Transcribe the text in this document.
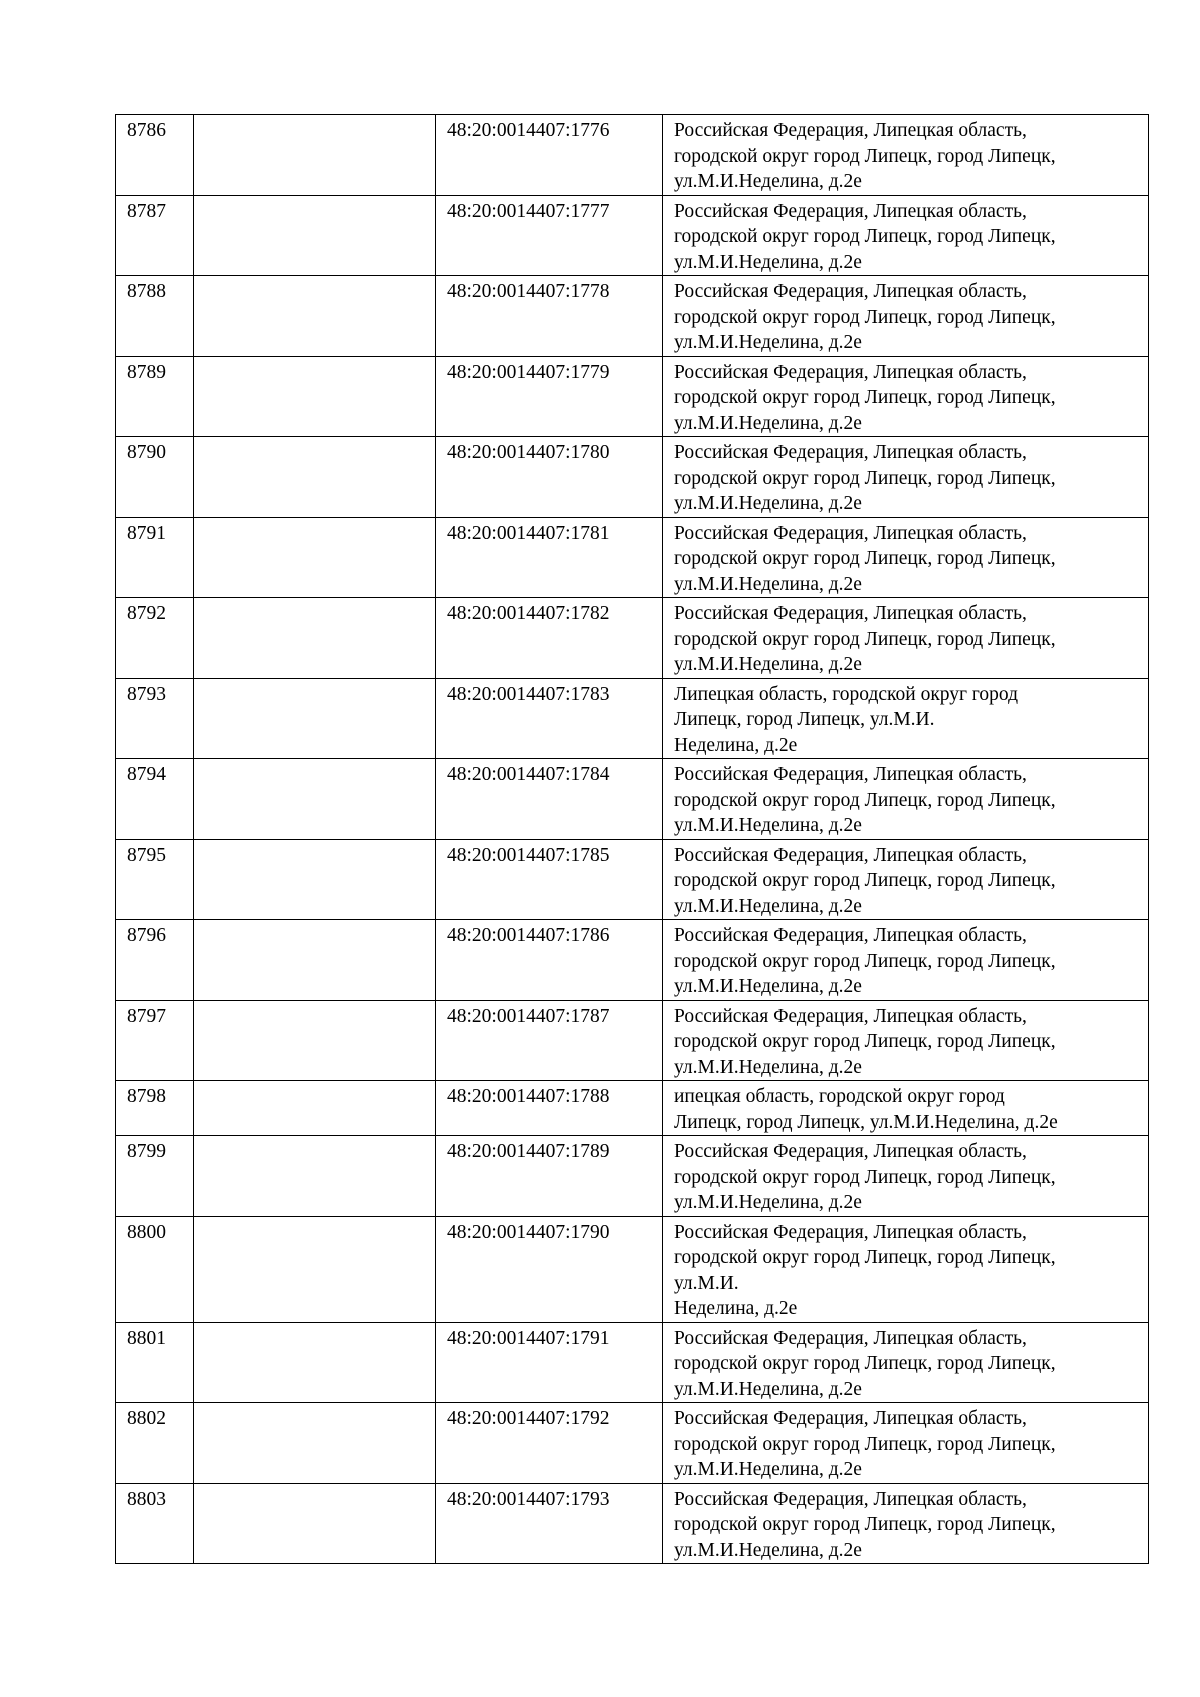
8786		48:20:0014407:1776	Российская Федерация, Липецкая область,
городской округ город Липецк, город Липецк,
ул.М.И.Неделина, д.2е

8787		48:20:0014407:1777	Российская Федерация, Липецкая область,
городской округ город Липецк, город Липецк,
ул.М.И.Неделина, д.2е

8788		48:20:0014407:1778	Российская Федерация, Липецкая область,
городской округ город Липецк, город Липецк,
ул.М.И.Неделина, д.2е

8789		48:20:0014407:1779	Российская Федерация, Липецкая область,
городской округ город Липецк, город Липецк,
ул.М.И.Неделина, д.2е

8790		48:20:0014407:1780	Российская Федерация, Липецкая область,
городской округ город Липецк, город Липецк,
ул.М.И.Неделина, д.2е

8791		48:20:0014407:1781	Российская Федерация, Липецкая область,
городской округ город Липецк, город Липецк,
ул.М.И.Неделина, д.2е

8792		48:20:0014407:1782	Российская Федерация, Липецкая область,
городской округ город Липецк, город Липецк,
ул.М.И.Неделина, д.2е

8793		48:20:0014407:1783	Липецкая область, городской округ город
Липецк, город Липецк, ул.М.И.
Неделина, д.2е

8794		48:20:0014407:1784	Российская Федерация, Липецкая область,
городской округ город Липецк, город Липецк,
ул.М.И.Неделина, д.2е

8795		48:20:0014407:1785	Российская Федерация, Липецкая область,
городской округ город Липецк, город Липецк,
ул.М.И.Неделина, д.2е

8796		48:20:0014407:1786	Российская Федерация, Липецкая область,
городской округ город Липецк, город Липецк,
ул.М.И.Неделина, д.2е

8797		48:20:0014407:1787	Российская Федерация, Липецкая область,
городской округ город Липецк, город Липецк,
ул.М.И.Неделина, д.2е

8798		48:20:0014407:1788	ипецкая область, городской округ город
Липецк, город Липецк, ул.М.И.Неделина, д.2е

8799		48:20:0014407:1789	Российская Федерация, Липецкая область,
городской округ город Липецк, город Липецк,
ул.М.И.Неделина, д.2е

8800		48:20:0014407:1790	Российская Федерация, Липецкая область,
городской округ город Липецк, город Липецк,
ул.М.И.
Неделина, д.2е

8801		48:20:0014407:1791	Российская Федерация, Липецкая область,
городской округ город Липецк, город Липецк,
ул.М.И.Неделина, д.2е

8802		48:20:0014407:1792	Российская Федерация, Липецкая область,
городской округ город Липецк, город Липецк,
ул.М.И.Неделина, д.2е

8803		48:20:0014407:1793	Российская Федерация, Липецкая область,
городской округ город Липецк, город Липецк,
ул.М.И.Неделина, д.2е
